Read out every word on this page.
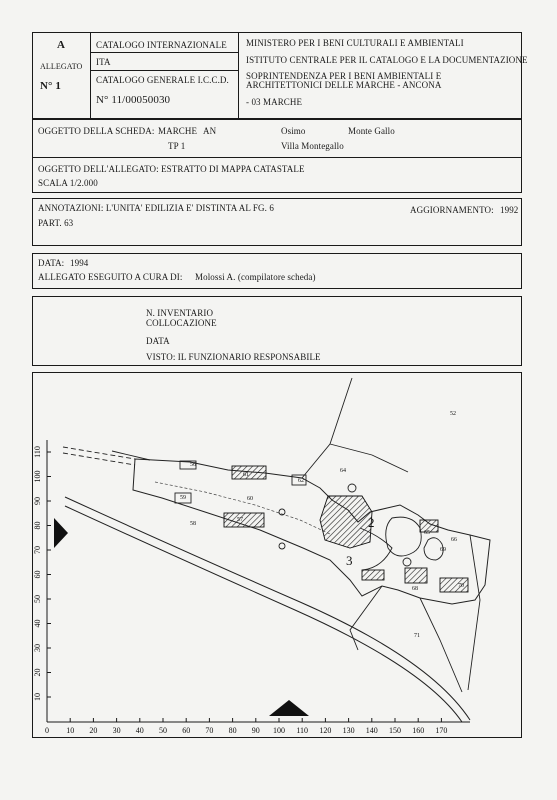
A
ALLEGATO
N° 1
CATALOGO INTERNAZIONALE
ITA
CATALOGO GENERALE I.C.C.D.
N° 11/00050030
MINISTERO PER I BENI CULTURALI E AMBIENTALI
ISTITUTO CENTRALE PER IL CATALOGO E LA DOCUMENTAZIONE
SOPRINTENDENZA PER I BENI AMBIENTALI E
ARCHITETTONICI DELLE MARCHE - ANCONA
- 03 MARCHE
OGGETTO DELLA SCHEDA: MARCHE AN	Osimo	Monte Gallo
TP 1	Villa Montegallo
OGGETTO DELL'ALLEGATO: ESTRATTO DI MAPPA CATASTALE
SCALA 1/2.000
ANNOTAZIONI: L'UNITA' EDILIZIA E' DISTINTA AL FG. 6
PART. 63
AGGIORNAMENTO: 1992
DATA: 1994
ALLEGATO ESEGUITO A CURA DI: Molossi A. (compilatore scheda)
N. INVENTARIO
COLLOCAZIONE
DATA
VISTO: IL FUNZIONARIO RESPONSABILE
0 10 20 30 40 50 60 70 80 90 100 110 120 130 140 150 160 170
10
20
30
40
50
60
70
80
90
100
110
52
56
61
62
64
60
59
58
57	2
3
65
66
69
68	70
71
